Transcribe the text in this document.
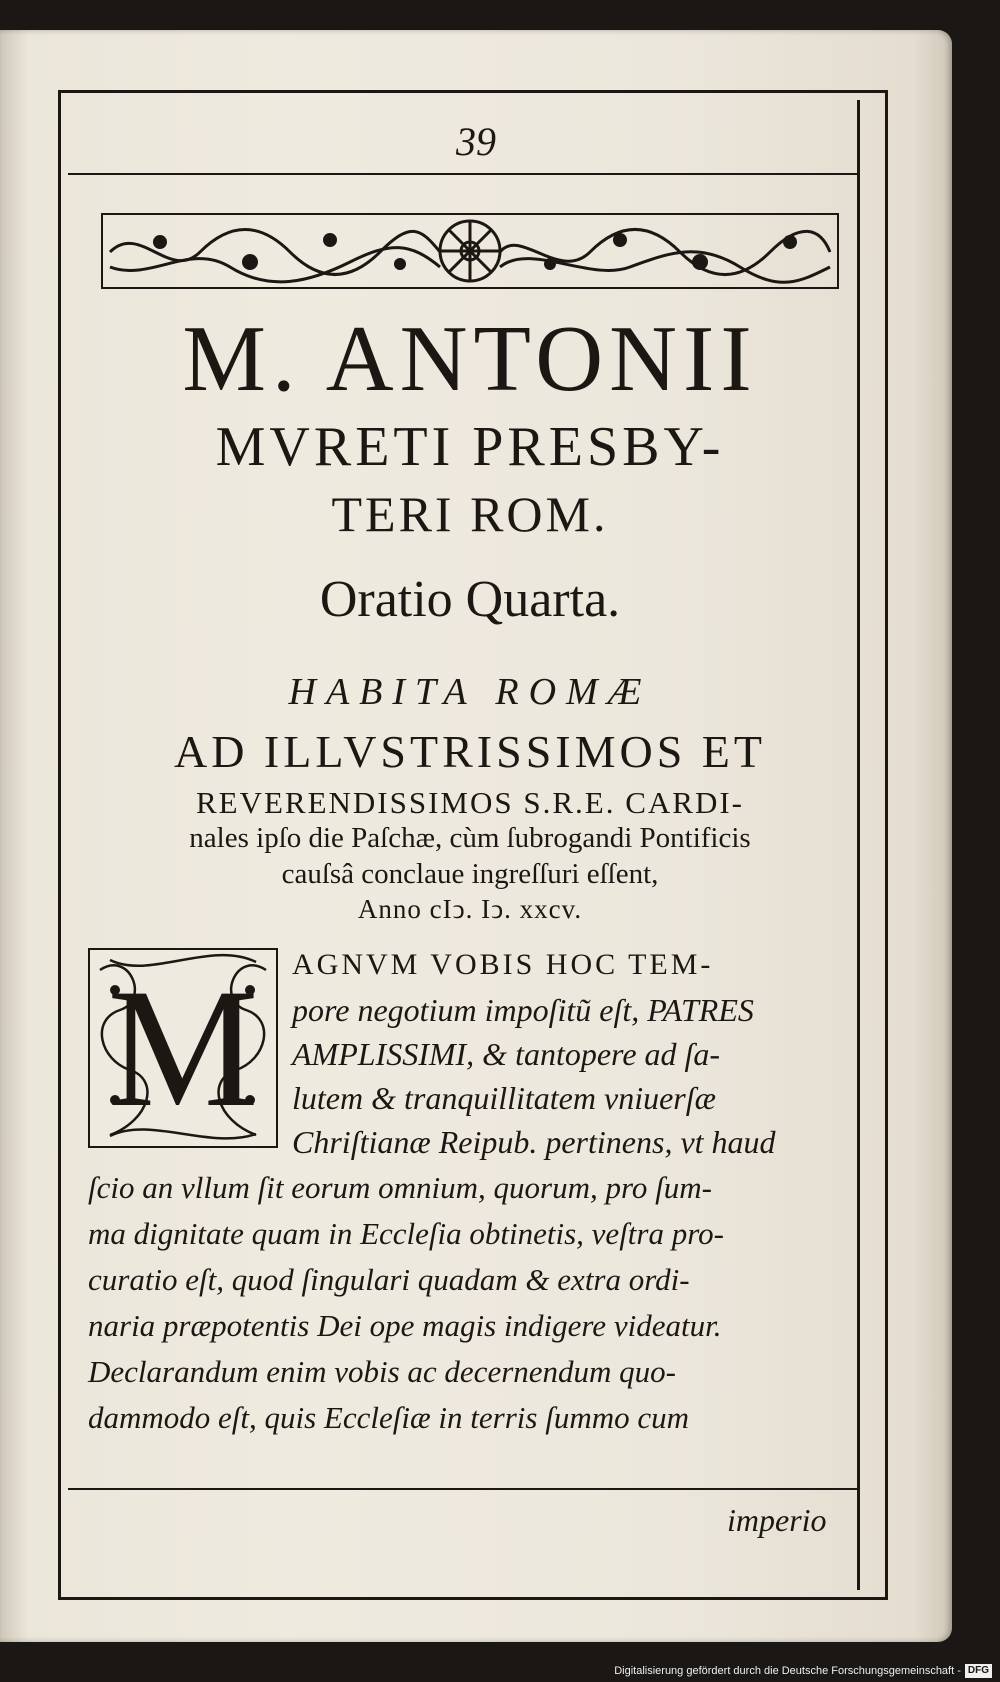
39
M. ANTONII
MVRETI PRESBY-
TERI ROM.
Oratio Quarta.
HABITA ROMÆ
AD ILLVSTRISSIMOS ET
REVERENDISSIMOS S.R.E. CARDI-
nales ipſo die Paſchæ, cùm ſubrogandi Pontificis
cauſsâ conclaue ingreſſuri eſſent,
Anno cIↄ. Iↄ. xxcv.
M	AGNVM VOBIS HOC TEM-
pore negotium impoſitũ eſt, PATRES
AMPLISSIMI, & tantopere ad ſa-
lutem & tranquillitatem vniuerſæ
Chriſtianæ Reipub. pertinens, vt haud
ſcio an vllum ſit eorum omnium, quorum, pro ſum-
ma dignitate quam in Eccleſia obtinetis, veſtra pro-
curatio eſt, quod ſingulari quadam & extra ordi-
naria præpotentis Dei ope magis indigere videatur.
Declarandum enim vobis ac decernendum quo-
dammodo eſt, quis Eccleſiæ in terris ſummo cum
imperio
Digitalisierung gefördert durch die Deutsche Forschungsgemeinschaft - DFG
